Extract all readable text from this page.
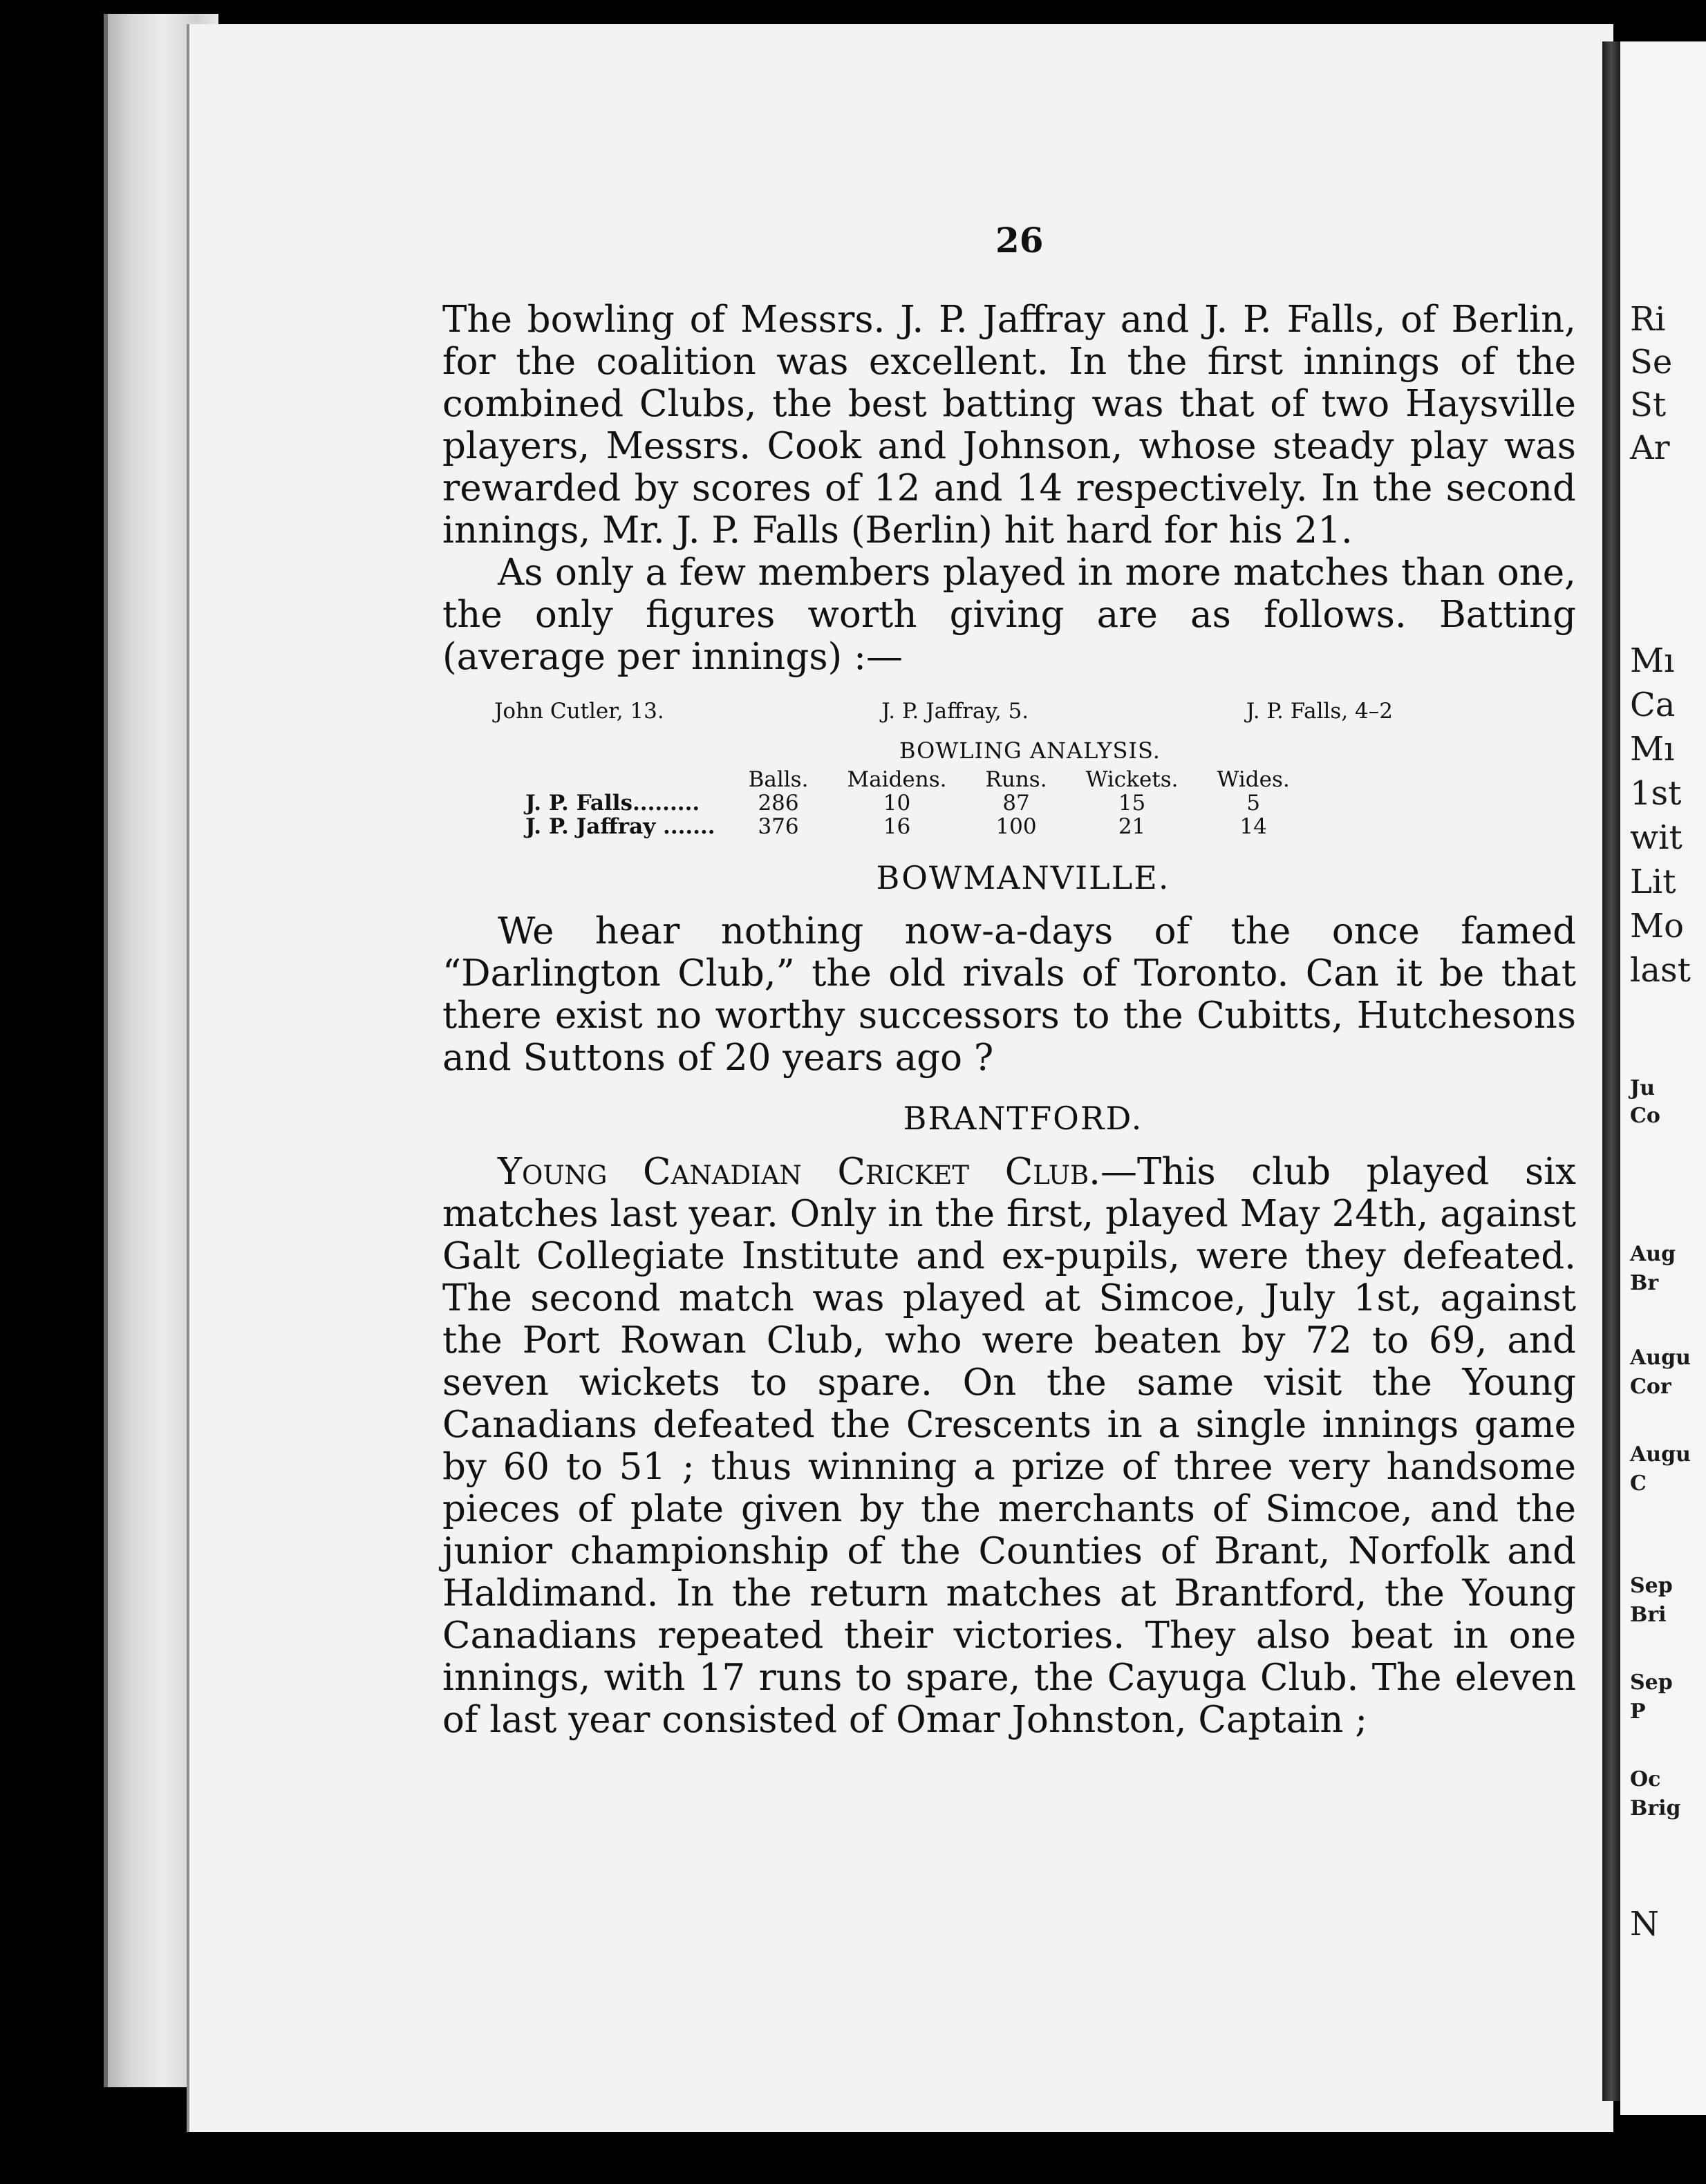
Ri
Se
St
Ar
Mı
Ca
Mı
1st
wit
Lit
Mo
last
Ju
Co
Aug
Br
Augu
Cor
Augu
C
Sep
Bri
Sep
P
Oc
Brig
N
26

The bowling of Messrs. J. P. Jaffray and J. P. Falls, of Berlin, for the coalition was excellent. In the first innings of the combined Clubs, the best batting was that of two Haysville players, Messrs. Cook and Johnson, whose steady play was rewarded by scores of 12 and 14 respectively. In the second innings, Mr. J. P. Falls (Berlin) hit hard for his 21.

As only a few members played in more matches than one, the only figures worth giving are as follows. Batting (average per innings) :—

John Cutler, 13.	J. P. Jaffray, 5.	J. P. Falls, 4–2
BOWLING ANALYSIS.
	Balls.	Maidens.	Runs.	Wickets.	Wides.
J. P. Falls.........	286	10	87	15	5
J. P. Jaffray .......	376	16	100	21	14
BOWMANVILLE.

We hear nothing now-a-days of the once famed “Darlington Club,” the old rivals of Toronto. Can it be that there exist no worthy successors to the Cubitts, Hutchesons and Suttons of 20 years ago ?

BRANTFORD.

Young Canadian Cricket Club.—This club played six matches last year. Only in the first, played May 24th, against Galt Collegiate Institute and ex-pupils, were they defeated. The second match was played at Simcoe, July 1st, against the Port Rowan Club, who were beaten by 72 to 69, and seven wickets to spare. On the same visit the Young Canadians defeated the Crescents in a single innings game by 60 to 51 ; thus winning a prize of three very handsome pieces of plate given by the merchants of Simcoe, and the junior championship of the Counties of Brant, Norfolk and Haldimand. In the return matches at Brantford, the Young Canadians repeated their victories. They also beat in one innings, with 17 runs to spare, the Cayuga Club. The eleven of last year consisted of Omar Johnston, Captain ;
